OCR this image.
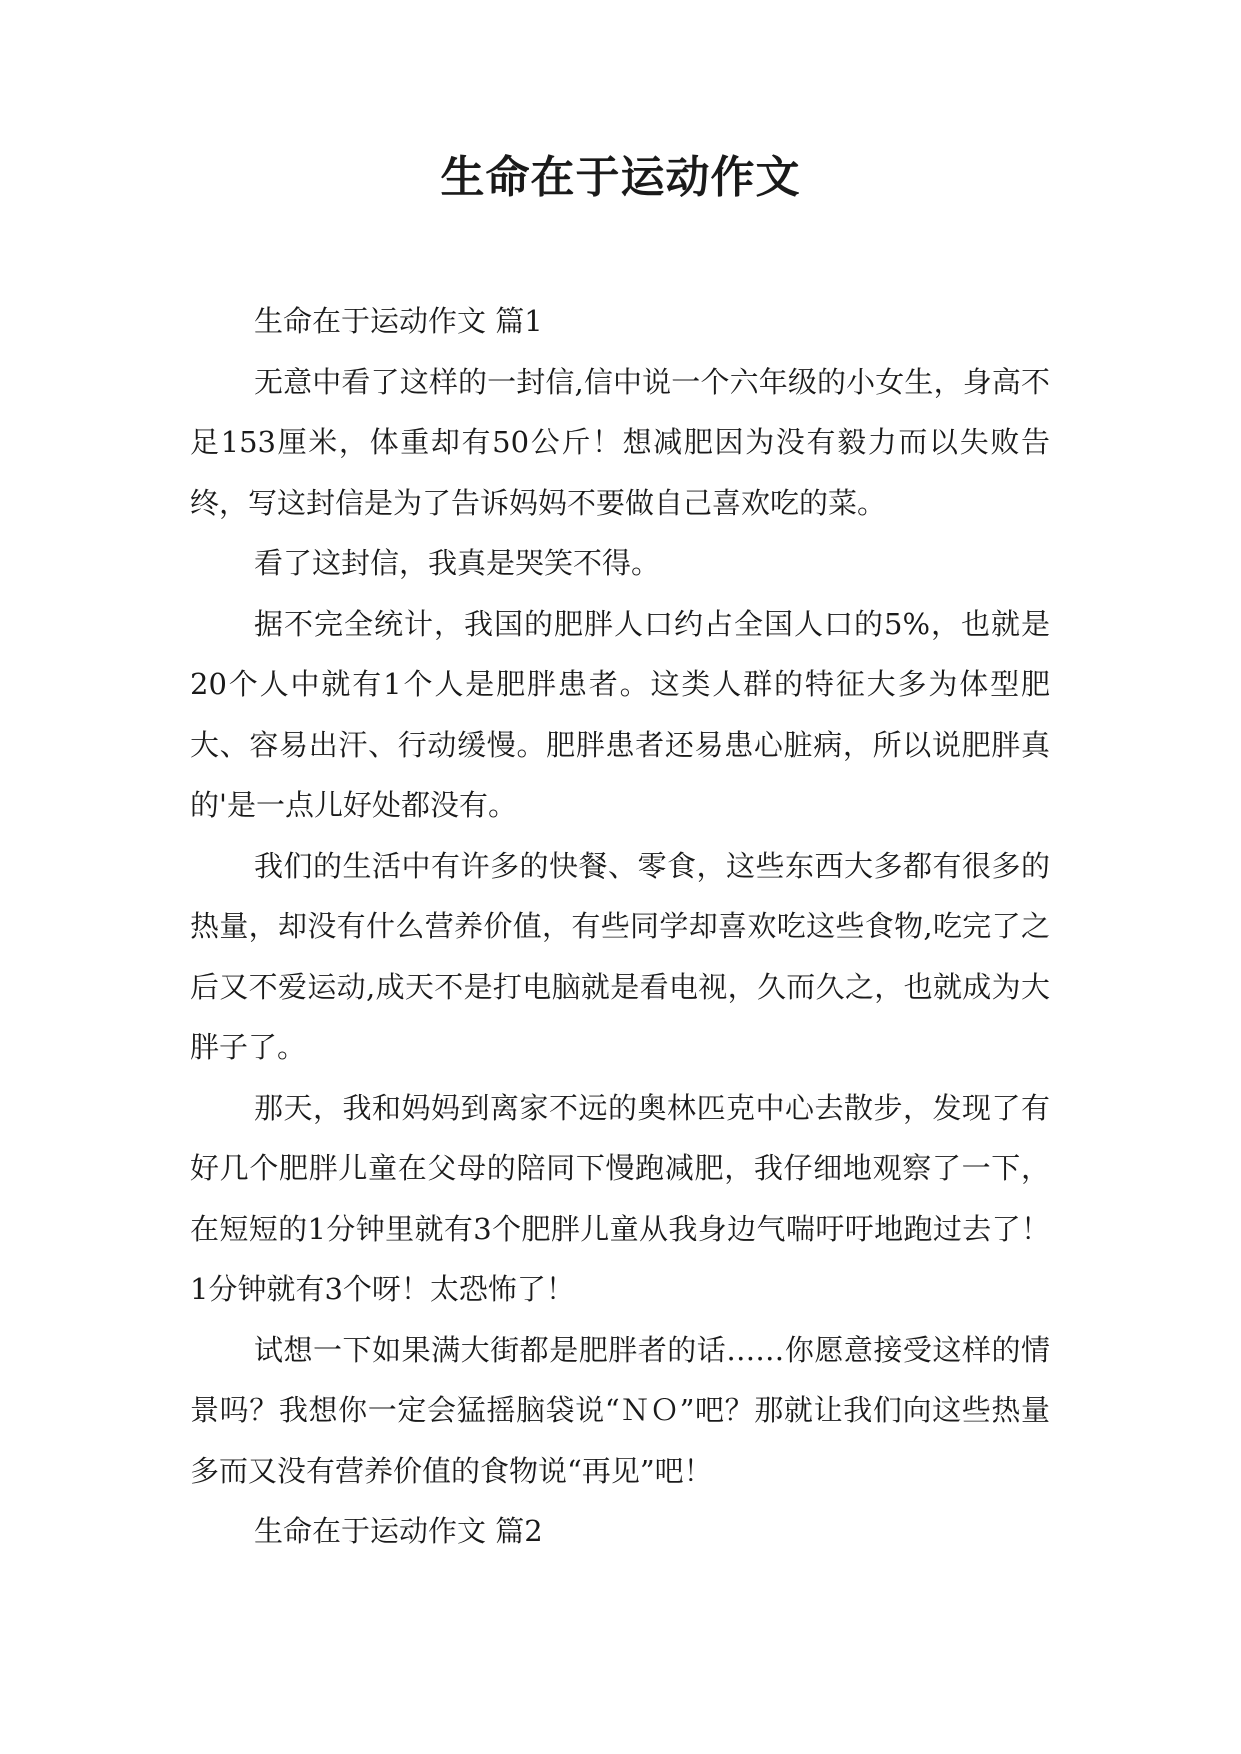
生命在于运动作文

生命在于运动作文 篇1

无意中看了这样的一封信,信中说一个六年级的小女生，身高不足153厘米，体重却有50公斤！想减肥因为没有毅力而以失败告终，写这封信是为了告诉妈妈不要做自己喜欢吃的菜。

看了这封信，我真是哭笑不得。

据不完全统计，我国的肥胖人口约占全国人口的5%，也就是20个人中就有1个人是肥胖患者。这类人群的特征大多为体型肥大、容易出汗、行动缓慢。肥胖患者还易患心脏病，所以说肥胖真的'是一点儿好处都没有。

我们的生活中有许多的快餐、零食，这些东西大多都有很多的热量，却没有什么营养价值，有些同学却喜欢吃这些食物,吃完了之后又不爱运动,成天不是打电脑就是看电视，久而久之，也就成为大胖子了。

那天，我和妈妈到离家不远的奥林匹克中心去散步，发现了有好几个肥胖儿童在父母的陪同下慢跑减肥，我仔细地观察了一下，在短短的1分钟里就有3个肥胖儿童从我身边气喘吁吁地跑过去了！1分钟就有3个呀！太恐怖了！

试想一下如果满大街都是肥胖者的话……你愿意接受这样的情景吗？我想你一定会猛摇脑袋说“ＮＯ”吧？那就让我们向这些热量多而又没有营养价值的食物说“再见”吧！

生命在于运动作文 篇2
